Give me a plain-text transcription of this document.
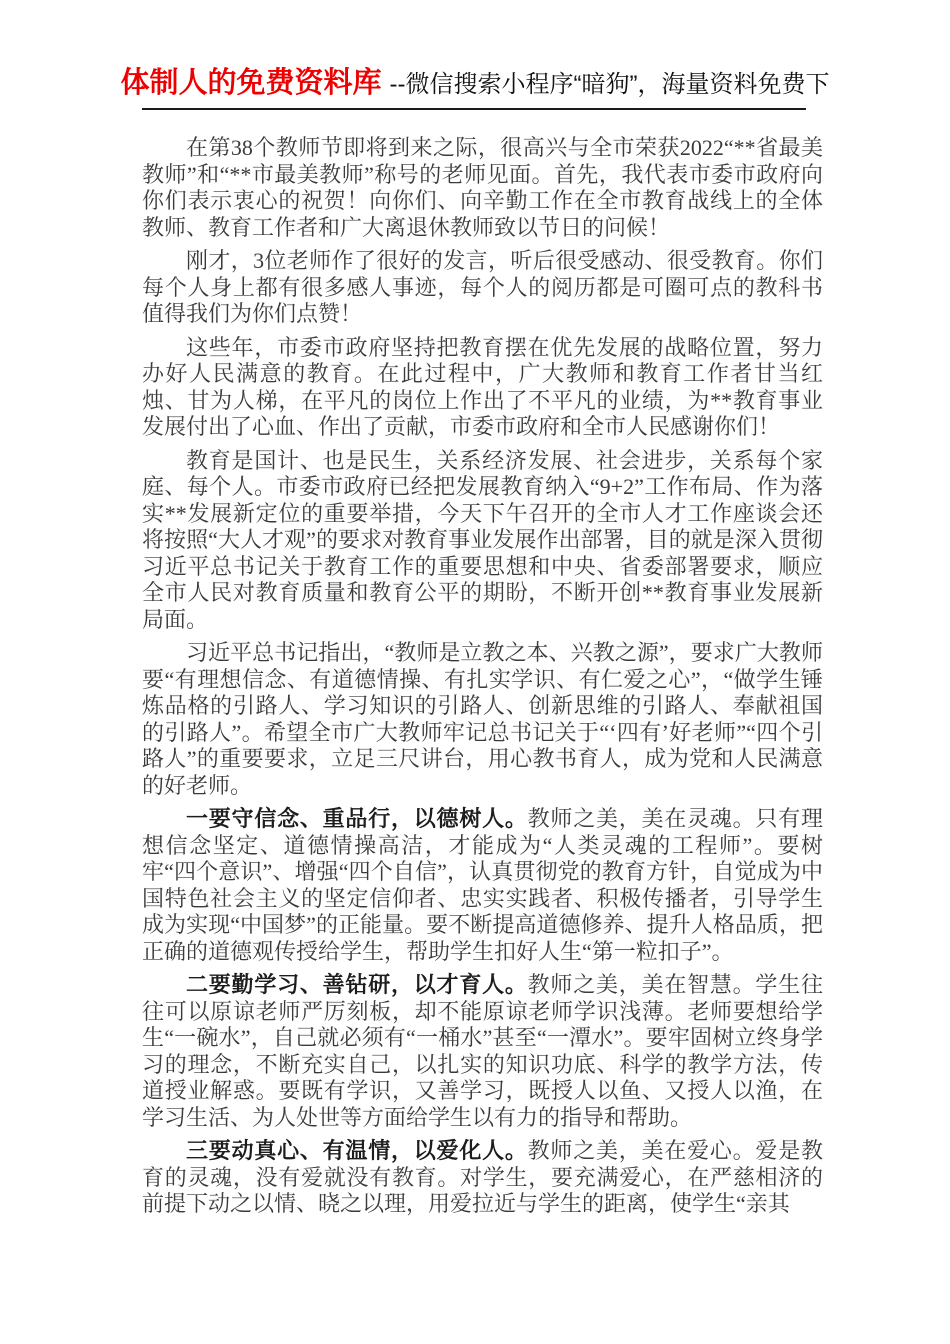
体制人的免费资料库 --微信搜索小程序“暗狗”，海量资料免费下

在第38个教师节即将到来之际，很高兴与全市荣获2022“**省最美教师”和“**市最美教师”称号的老师见面。首先，我代表市委市政府向你们表示衷心的祝贺！向你们、向辛勤工作在全市教育战线上的全体教师、教育工作者和广大离退休教师致以节日的问候！

刚才，3位老师作了很好的发言，听后很受感动、很受教育。你们每个人身上都有很多感人事迹，每个人的阅历都是可圈可点的教科书值得我们为你们点赞！

这些年，市委市政府坚持把教育摆在优先发展的战略位置，努力办好人民满意的教育。在此过程中，广大教师和教育工作者甘当红烛、甘为人梯，在平凡的岗位上作出了不平凡的业绩，为**教育事业发展付出了心血、作出了贡献，市委市政府和全市人民感谢你们！

教育是国计、也是民生，关系经济发展、社会进步，关系每个家庭、每个人。市委市政府已经把发展教育纳入“9+2”工作布局、作为落实**发展新定位的重要举措，今天下午召开的全市人才工作座谈会还将按照“大人才观”的要求对教育事业发展作出部署，目的就是深入贯彻习近平总书记关于教育工作的重要思想和中央、省委部署要求，顺应全市人民对教育质量和教育公平的期盼，不断开创**教育事业发展新局面。

习近平总书记指出，“教师是立教之本、兴教之源”，要求广大教师要“有理想信念、有道德情操、有扎实学识、有仁爱之心”，“做学生锤炼品格的引路人、学习知识的引路人、创新思维的引路人、奉献祖国的引路人”。希望全市广大教师牢记总书记关于“‘四有’好老师”“四个引路人”的重要要求，立足三尺讲台，用心教书育人，成为党和人民满意的好老师。

一要守信念、重品行，以德树人。教师之美，美在灵魂。只有理想信念坚定、道德情操高洁，才能成为“人类灵魂的工程师”。要树牢“四个意识”、增强“四个自信”，认真贯彻党的教育方针，自觉成为中国特色社会主义的坚定信仰者、忠实实践者、积极传播者，引导学生成为实现“中国梦”的正能量。要不断提高道德修养、提升人格品质，把正确的道德观传授给学生，帮助学生扣好人生“第一粒扣子”。

二要勤学习、善钻研，以才育人。教师之美，美在智慧。学生往往可以原谅老师严厉刻板，却不能原谅老师学识浅薄。老师要想给学生“一碗水”，自己就必须有“一桶水”甚至“一潭水”。要牢固树立终身学习的理念，不断充实自己，以扎实的知识功底、科学的教学方法，传道授业解惑。要既有学识，又善学习，既授人以鱼、又授人以渔，在学习生活、为人处世等方面给学生以有力的指导和帮助。

三要动真心、有温情，以爱化人。教师之美，美在爱心。爱是教育的灵魂，没有爱就没有教育。对学生，要充满爱心，在严慈相济的前提下动之以情、晓之以理，用爱拉近与学生的距离，使学生“亲其
